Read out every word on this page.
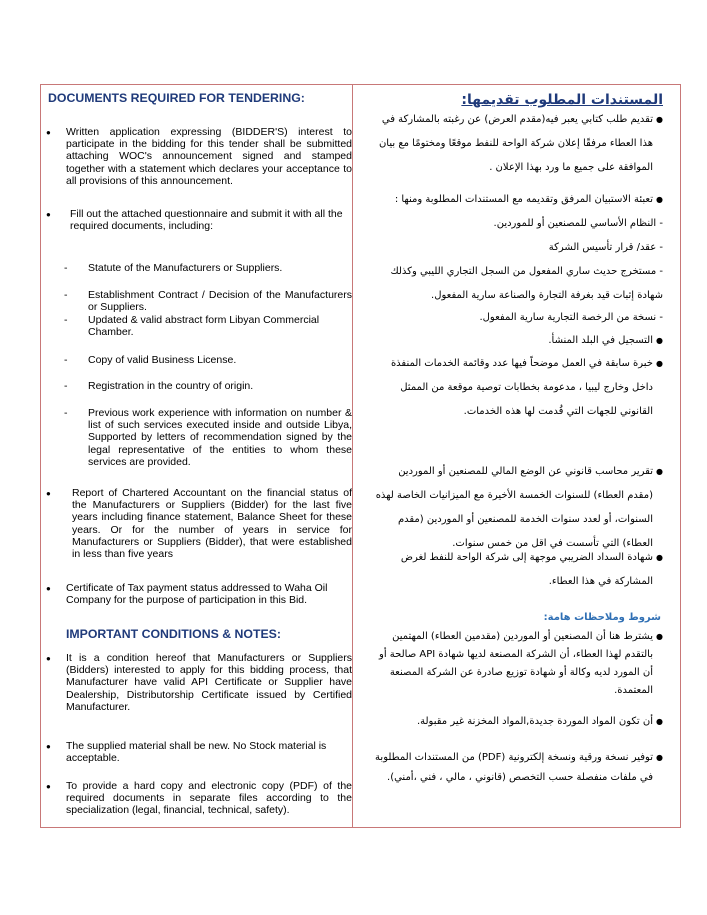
DOCUMENTS REQUIRED FOR TENDERING:
● Written application expressing (BIDDER'S) interest to participate in the bidding for this tender shall be submitted attaching WOC's announcement signed and stamped together with a statement which declares your acceptance to all provisions of this announcement.
● Fill out the attached questionnaire and submit it with all the required documents, including:
- Statute of the Manufacturers or Suppliers.
- Establishment Contract / Decision of the Manufacturers or Suppliers.
- Updated & valid abstract form Libyan Commercial Chamber.
- Copy of valid Business License.
- Registration in the country of origin.
- Previous work experience with information on number & list of such services executed inside and outside Libya, Supported by letters of recommendation signed by the legal representative of the entities to whom these services are provided.
● Report of Chartered Accountant on the financial status of the Manufacturers or Suppliers (Bidder) for the last five years including finance statement, Balance Sheet for these years. Or for the number of years in service for Manufacturers or Suppliers (Bidder), that were established in less than five years
● Certificate of Tax payment status addressed to Waha Oil Company for the purpose of participation in this Bid.
IMPORTANT CONDITIONS & NOTES:
● It is a condition hereof that Manufacturers or Suppliers (Bidders) interested to apply for this bidding process, that Manufacturer have valid API Certificate or Supplier have Dealership, Distributorship Certificate issued by Certified Manufacturer.
● The supplied material shall be new. No Stock material is acceptable.
● To provide a hard copy and electronic copy (PDF) of the required documents in separate files according to the specialization (legal, financial, technical, safety).
المستندات المطلوب تقديمها:
●
تقديم طلب كتابي يعبر فيه(مقدم العرض) عن رغبته بالمشاركة في هذا العطاء مرفقًا إعلان شركة الواحة للنفط موقعًا ومختومًا مع بيان الموافقة على جميع ما ورد بهذا الإعلان .
●
تعبئة الاستبيان المرفق وتقديمه مع المستندات المطلوبة ومنها :
- النظام الأساسي للمصنعين أو للموردين.
- عقد/ قرار تأسيس الشركة
- مستخرج حديث ساري المفعول من السجل التجاري الليبي وكذلك شهادة إثبات قيد بغرفة التجارة والصناعة سارية المفعول.
- نسخة من الرخصة التجارية سارية المفعول.
●
التسجيل في البلد المنشأ.
●
خبرة سابقة في العمل موضحاً فيها عدد وقائمة الخدمات المنفذة داخل وخارج ليبيا ، مدعومة بخطابات توصية موقعة من الممثل القانوني للجهات التي قُدمت لها هذه الخدمات.
●
تقرير محاسب قانوني عن الوضع المالي للمصنعين أو الموردين (مقدم العطاء) للسنوات الخمسة الأخيرة مع الميزانيات الخاصة لهذه السنوات، أو لعدد سنوات الخدمة للمصنعين أو الموردين (مقدم العطاء) التي تأسست في اقل من خمس سنوات.
●
شهادة السداد الضريبي موجهة إلى شركة الواحة للنفط لغرض المشاركة في هذا العطاء.
شروط وملاحظات هامة:
●
يشترط هنا أن المصنعين أو الموردين (مقدمين العطاء) المهتمين بالتقدم لهذا العطاء، أن الشركة المصنعة لديها شهادة API صالحة أو أن المورد لديه وكالة أو شهادة توزيع صادرة عن الشركة المصنعة المعتمدة.
●
أن تكون المواد الموردة جديدة,المواد المخزنة غير مقبولة.
●
توفير نسخة ورقية ونسخة إلكترونية (PDF) من المستندات المطلوبة في ملفات منفصلة حسب التخصص (قانوني ، مالي ، فني ،أمني).
